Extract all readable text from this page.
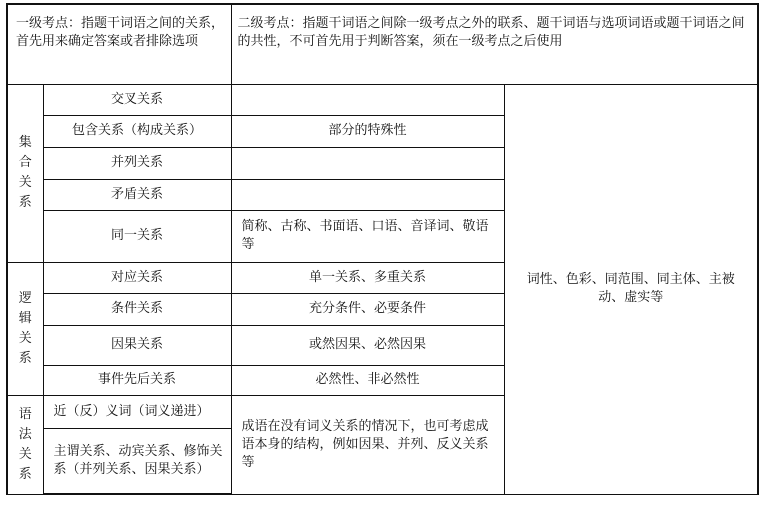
一级考点：指题干词语之间的关系，首先用来确定答案或者排除选项		二级考点：指题干词语之间除一级考点之外的联系、题干词语与选项词语或题干词语之间的共性，不可首先用于判断答案，须在一级考点之后使用	
集合关系	交叉关系		词性、色彩、同范围、同主体、主被动、虚实等
	包含关系（构成关系）	部分的特殊性	
	并列关系		
	矛盾关系		
	同一关系	简称、古称、书面语、口语、音译词、敬语等	
逻辑关系	对应关系	单一关系、多重关系	
	条件关系	充分条件、必要条件	
	因果关系	或然因果、必然因果	
	事件先后关系	必然性、非必然性	
语法关系	近（反）义词（词义递进）	成语在没有词义关系的情况下，也可考虑成语本身的结构，例如因果、并列、反义关系等	
	主谓关系、动宾关系、修饰关系（并列关系、因果关系）		
